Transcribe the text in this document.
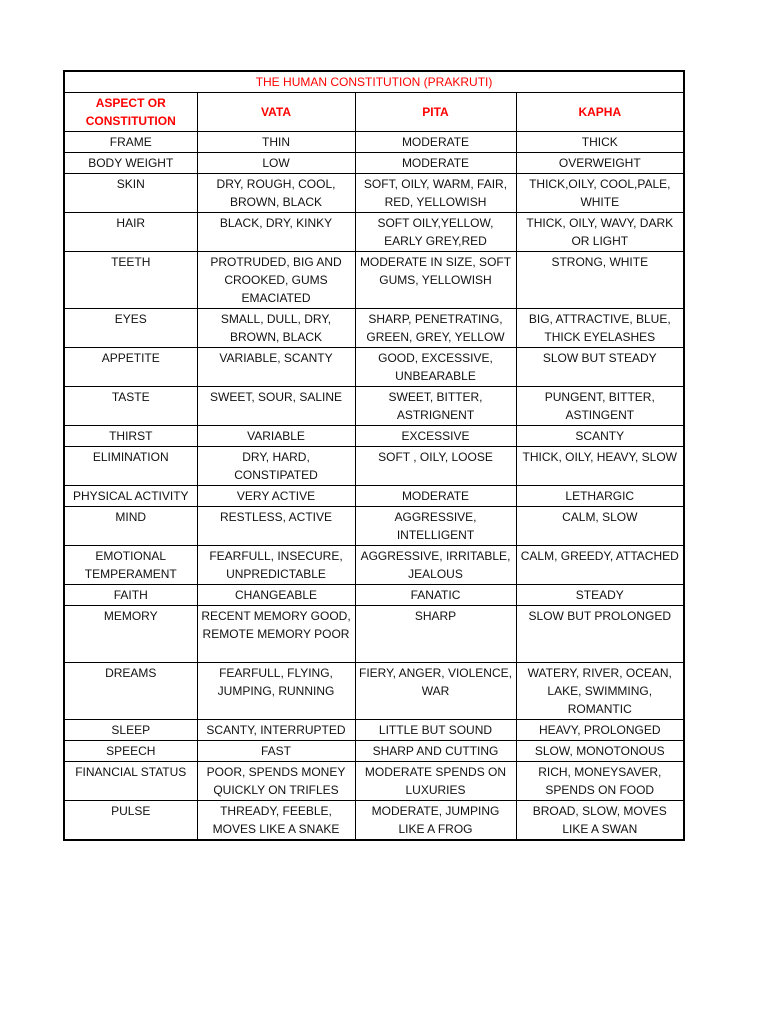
THE HUMAN CONSTITUTION (PRAKRUTI)			
ASPECT OR CONSTITUTION	VATA	PITA	KAPHA
FRAME	THIN	MODERATE	THICK
BODY WEIGHT	LOW	MODERATE	OVERWEIGHT
SKIN	DRY, ROUGH, COOL, BROWN, BLACK	SOFT, OILY, WARM, FAIR, RED, YELLOWISH	THICK,OILY, COOL,PALE, WHITE
HAIR	BLACK, DRY, KINKY	SOFT OILY,YELLOW, EARLY GREY,RED	THICK, OILY, WAVY, DARK OR LIGHT
TEETH	PROTRUDED, BIG AND CROOKED, GUMS EMACIATED	MODERATE IN SIZE, SOFT GUMS, YELLOWISH	STRONG, WHITE
EYES	SMALL, DULL, DRY, BROWN, BLACK	SHARP, PENETRATING, GREEN, GREY, YELLOW	BIG, ATTRACTIVE, BLUE, THICK EYELASHES
APPETITE	VARIABLE, SCANTY	GOOD, EXCESSIVE, UNBEARABLE	SLOW BUT STEADY
TASTE	SWEET, SOUR, SALINE	SWEET, BITTER, ASTRIGNENT	PUNGENT, BITTER, ASTINGENT
THIRST	VARIABLE	EXCESSIVE	SCANTY
ELIMINATION	DRY, HARD, CONSTIPATED	SOFT , OILY, LOOSE	THICK, OILY, HEAVY, SLOW
PHYSICAL ACTIVITY	VERY ACTIVE	MODERATE	LETHARGIC
MIND	RESTLESS, ACTIVE	AGGRESSIVE, INTELLIGENT	CALM, SLOW
EMOTIONAL TEMPERAMENT	FEARFULL, INSECURE, UNPREDICTABLE	AGGRESSIVE, IRRITABLE, JEALOUS	CALM, GREEDY, ATTACHED
FAITH	CHANGEABLE	FANATIC	STEADY
MEMORY	RECENT MEMORY GOOD, REMOTE MEMORY POOR	SHARP	SLOW BUT PROLONGED
DREAMS	FEARFULL, FLYING, JUMPING, RUNNING	FIERY, ANGER, VIOLENCE, WAR	WATERY, RIVER, OCEAN, LAKE, SWIMMING, ROMANTIC
SLEEP	SCANTY, INTERRUPTED	LITTLE BUT SOUND	HEAVY, PROLONGED
SPEECH	FAST	SHARP AND CUTTING	SLOW, MONOTONOUS
FINANCIAL STATUS	POOR, SPENDS MONEY QUICKLY ON TRIFLES	MODERATE SPENDS ON LUXURIES	RICH, MONEYSAVER, SPENDS ON FOOD
PULSE	THREADY, FEEBLE, MOVES LIKE A SNAKE	MODERATE, JUMPING LIKE A FROG	BROAD, SLOW, MOVES LIKE A SWAN
